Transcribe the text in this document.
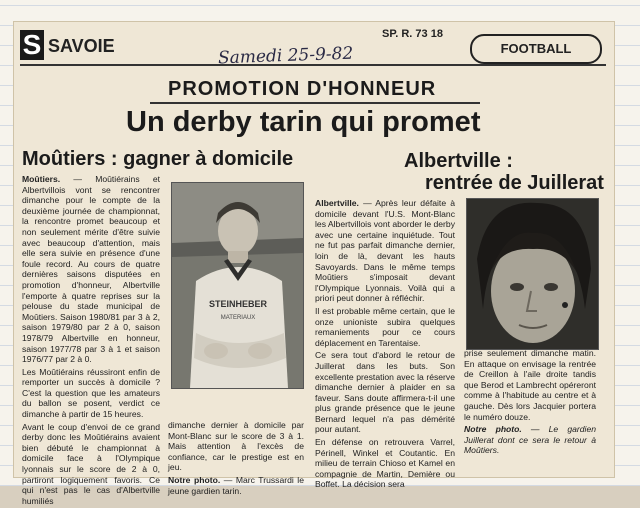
S SAVOIE
SP. R. 73 18
FOOTBALL
Samedi 25-9-82
PROMOTION D'HONNEUR
Un derby tarin qui promet
Moûtiers : gagner à domicile	Albertville :
rentrée de Juillerat

Moûtiers. — Moûtiérains et Albertvillois vont se rencontrer dimanche pour le compte de la deuxième journée de championnat, la rencontre promet beaucoup et non seulement mérite d'être suivie avec beaucoup d'attention, mais elle sera suivie en présence d'une foule record. Au cours de quatre dernières saisons disputées en promotion d'honneur, Albertville l'emporte à quatre reprises sur la pelouse du stade municipal de Moûtiers. Saison 1980/81 par 3 à 2, saison 1979/80 par 2 à 0, saison 1978/79 Albertville en honneur, saison 1977/78 par 3 à 1 et saison 1976/77 par 2 à 0.

Les Moûtiérains réussiront enfin de remporter un succès à domicile ? C'est la question que les amateurs du ballon se posent, verdict ce dimanche à partir de 15 heures.

Avant le coup d'envoi de ce grand derby donc les Moûtiérains avaient bien débuté le championnat à domicile face à l'Olympique lyonnais sur le score de 2 à 0, partiront logiquement favoris. Ce qui n'est pas le cas d'Albertville humiliés

STEINHEBER
MATERIAUX

dimanche dernier à domicile par Mont-Blanc sur le score de 3 à 1. Mais attention à l'excès de confiance, car le prestige est en jeu.

Notre photo. — Marc Trussardi le jeune gardien tarin.

Albertville. — Après leur défaite à domicile devant l'U.S. Mont-Blanc les Albertvillois vont aborder le derby avec une certaine inquiétude. Tout ne fut pas parfait dimanche dernier, loin de là, devant les hauts Savoyards. Dans le même temps Moûtiers s'imposait devant l'Olympique Lyonnais. Voilà qui a priori peut donner à réfléchir.

Il est probable même certain, que le onze unioniste subira quelques remaniements pour ce cours déplacement en Tarentaise.

Ce sera tout d'abord le retour de Juillerat dans les buts. Son excellente prestation avec la réserve dimanche dernier à plaider en sa faveur. Sans doute affirmera-t-il une plus grande présence que le jeune Bernard lequel n'a pas démérité pour autant.

En défense on retrouvera Varrel, Périnell, Winkel et Coutantic. En milieu de terrain Chioso et Kamel en compagnie de Martin, Demière ou Boffet. La décision sera

prise seulement dimanche matin. En attaque on envisage la rentrée de Creillon à l'aile droite tandis que Berod et Lambrecht opéreront comme à l'habitude au centre et à gauche. Dès lors Jacquier portera le numéro douze.

Notre photo. — Le gardien Juillerat dont ce sera le retour à Moûtiers.
